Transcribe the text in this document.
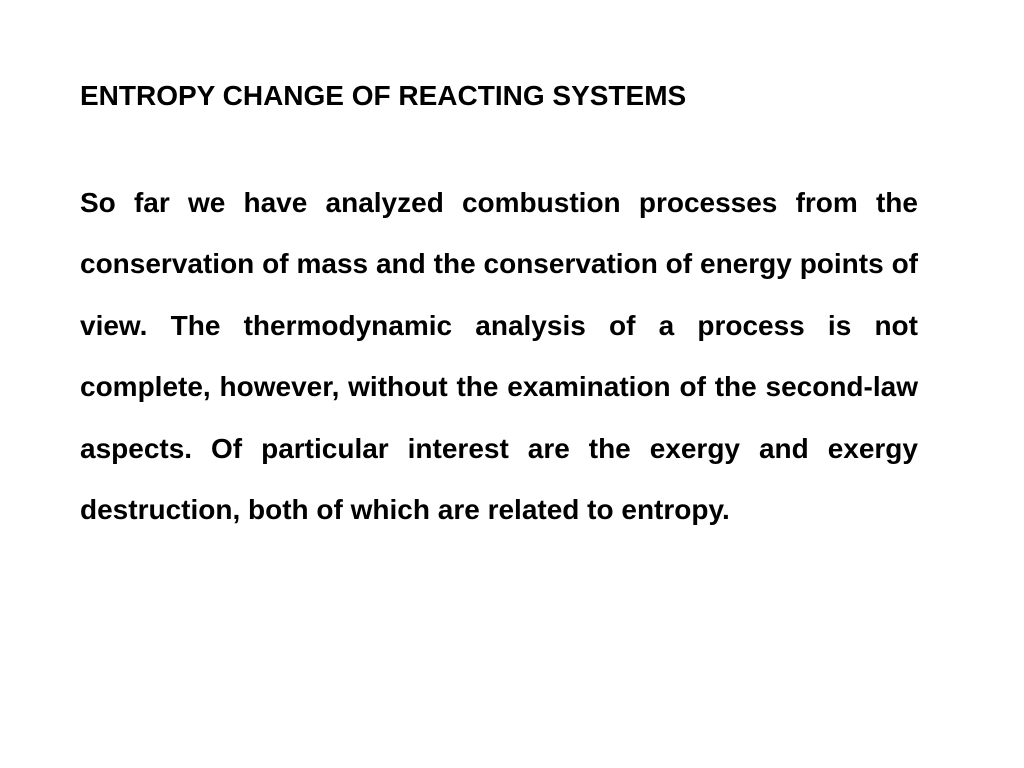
ENTROPY CHANGE OF REACTING SYSTEMS

So far we have analyzed combustion processes from the conservation of mass and the conservation of energy points of view. The thermodynamic analysis of a process is not complete, however, without the examination of the second-law aspects. Of particular interest are the exergy and exergy destruction, both of which are related to entropy.
